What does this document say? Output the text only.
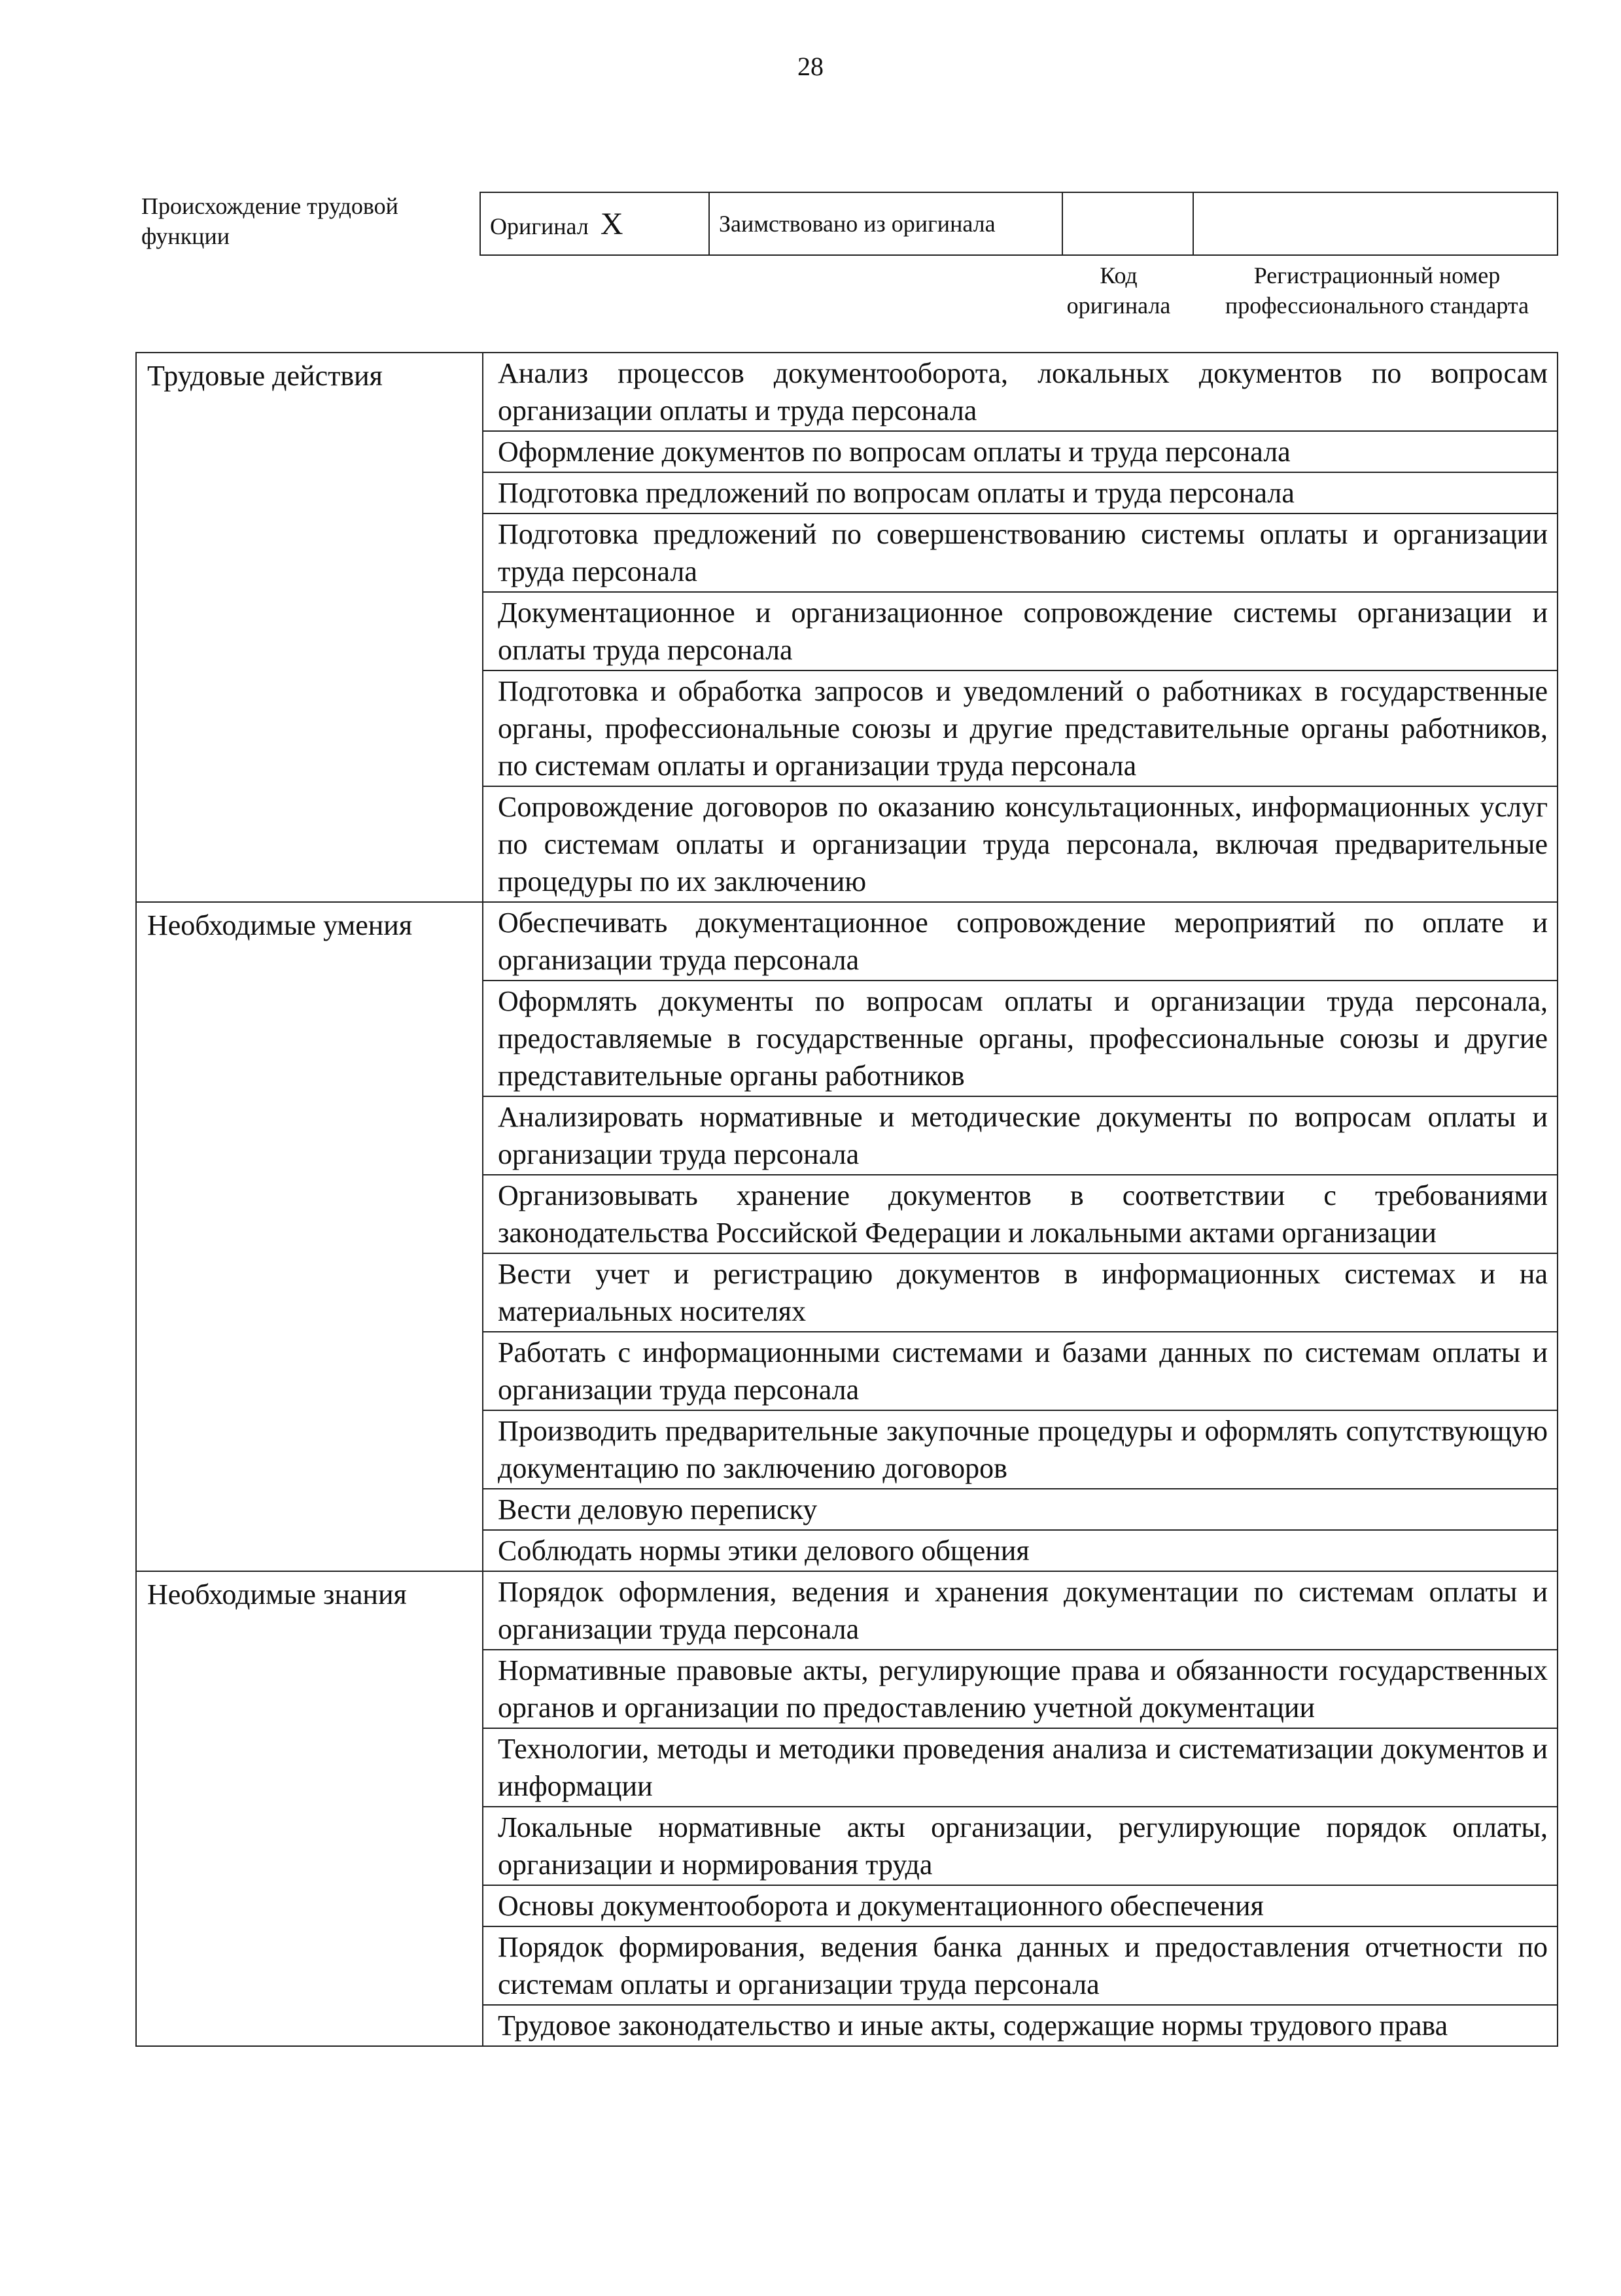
28
Происхождение трудовой функции	Оригинал X	Заимствовано из оригинала		
Код оригинала
Регистрационный номер профессионального стандарта
Трудовые действия	Анализ процессов документооборота, локальных документов по вопросам организации оплаты и труда персонала
	Оформление документов по вопросам оплаты и труда персонала
	Подготовка предложений по вопросам оплаты и труда персонала
	Подготовка предложений по совершенствованию системы оплаты и организации труда персонала
	Документационное и организационное сопровождение системы организации и оплаты труда персонала
	Подготовка и обработка запросов и уведомлений о работниках в государственные органы, профессиональные союзы и другие представительные органы работников, по системам оплаты и организации труда персонала
	Сопровождение договоров по оказанию консультационных, информационных услуг по системам оплаты и организации труда персонала, включая предварительные процедуры по их заключению
Необходимые умения	Обеспечивать документационное сопровождение мероприятий по оплате и организации труда персонала
	Оформлять документы по вопросам оплаты и организации труда персонала, предоставляемые в государственные органы, профессиональные союзы и другие представительные органы работников
	Анализировать нормативные и методические документы по вопросам оплаты и организации труда персонала
	Организовывать хранение документов в соответствии с требованиями законодательства Российской Федерации и локальными актами организации
	Вести учет и регистрацию документов в информационных системах и на материальных носителях
	Работать с информационными системами и базами данных по системам оплаты и организации труда персонала
	Производить предварительные закупочные процедуры и оформлять сопутствующую документацию по заключению договоров
	Вести деловую переписку
	Соблюдать нормы этики делового общения
Необходимые знания	Порядок оформления, ведения и хранения документации по системам оплаты и организации труда персонала
	Нормативные правовые акты, регулирующие права и обязанности государственных органов и организации по предоставлению учетной документации
	Технологии, методы и методики проведения анализа и систематизации документов и информации
	Локальные нормативные акты организации, регулирующие порядок оплаты, организации и нормирования труда
	Основы документооборота и документационного обеспечения
	Порядок формирования, ведения банка данных и предоставления отчетности по системам оплаты и организации труда персонала
	Трудовое законодательство и иные акты, содержащие нормы трудового права
